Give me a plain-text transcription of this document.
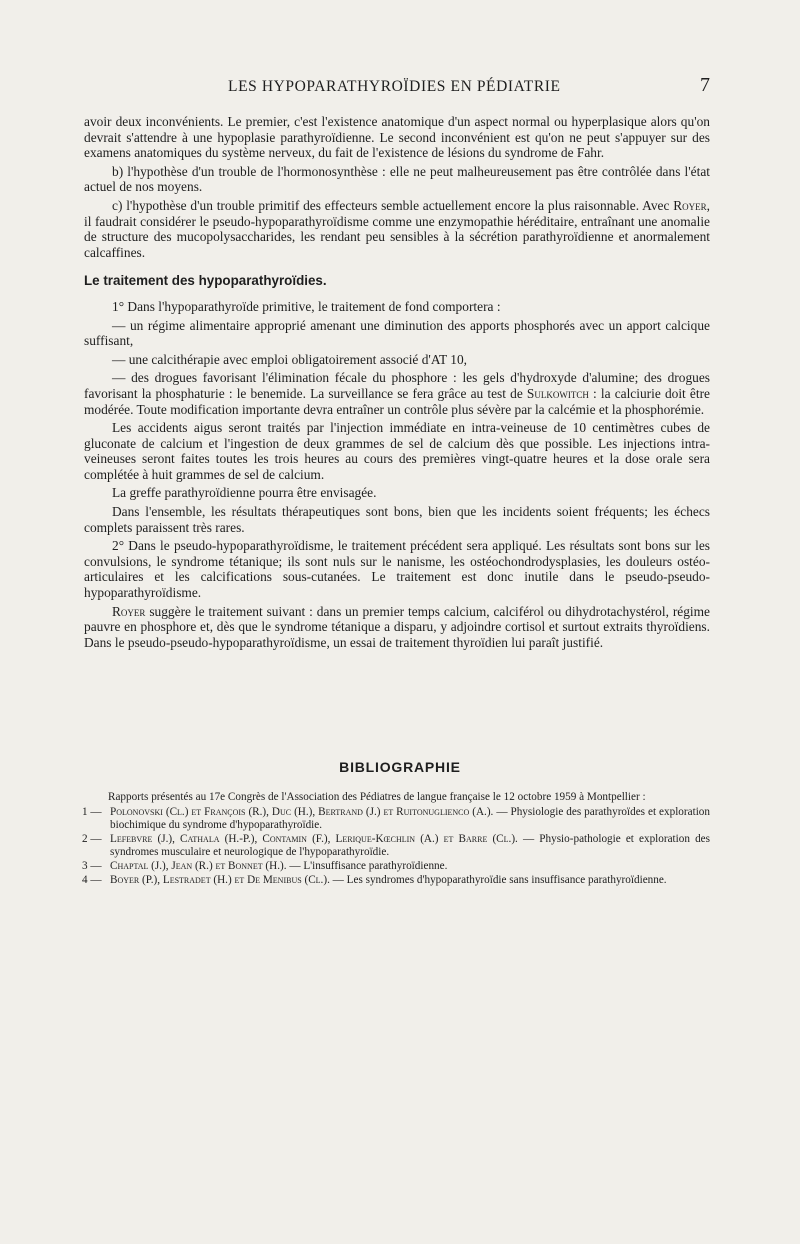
LES HYPOPARATHYROÏDIES EN PÉDIATRIE	7

avoir deux inconvénients. Le premier, c'est l'existence anatomique d'un aspect normal ou hyperplasique alors qu'on devrait s'attendre à une hypoplasie parathyroïdienne. Le second inconvénient est qu'on ne peut s'appuyer sur des examens anatomiques du système nerveux, du fait de l'existence de lésions du syndrome de Fahr.

b) l'hypothèse d'un trouble de l'hormonosynthèse : elle ne peut malheureusement pas être contrôlée dans l'état actuel de nos moyens.

c) l'hypothèse d'un trouble primitif des effecteurs semble actuellement encore la plus raisonnable. Avec Royer, il faudrait considérer le pseudo-hypoparathyroïdisme comme une enzymopathie héréditaire, entraînant une anomalie de structure des mucopolysaccharides, les rendant peu sensibles à la sécrétion parathyroïdienne et anormalement calcaffines.

Le traitement des hypoparathyroïdies.

1° Dans l'hypoparathyroïde primitive, le traitement de fond comportera :

— un régime alimentaire approprié amenant une diminution des apports phosphorés avec un apport calcique suffisant,

— une calcithérapie avec emploi obligatoirement associé d'AT 10,

— des drogues favorisant l'élimination fécale du phosphore : les gels d'hydroxyde d'alumine; des drogues favorisant la phosphaturie : le benemide. La surveillance se fera grâce au test de Sulkowitch : la calciurie doit être modérée. Toute modification importante devra entraîner un contrôle plus sévère par la calcémie et la phosphorémie.

Les accidents aigus seront traités par l'injection immédiate en intra-veineuse de 10 centimètres cubes de gluconate de calcium et l'ingestion de deux grammes de sel de calcium dès que possible. Les injections intra-veineuses seront faites toutes les trois heures au cours des premières vingt-quatre heures et la dose orale sera complétée à huit grammes de sel de calcium.

La greffe parathyroïdienne pourra être envisagée.

Dans l'ensemble, les résultats thérapeutiques sont bons, bien que les incidents soient fréquents; les échecs complets paraissent très rares.

2° Dans le pseudo-hypoparathyroïdisme, le traitement précédent sera appliqué. Les résultats sont bons sur les convulsions, le syndrome tétanique; ils sont nuls sur le nanisme, les ostéochondrodysplasies, les douleurs ostéo-articulaires et les calcifications sous-cutanées. Le traitement est donc inutile dans le pseudo-pseudo-hypoparathyroïdisme.

Royer suggère le traitement suivant : dans un premier temps calcium, calciférol ou dihydrotachystérol, régime pauvre en phosphore et, dès que le syndrome tétanique a disparu, y adjoindre cortisol et surtout extraits thyroïdiens. Dans le pseudo-pseudo-hypoparathyroïdisme, un essai de traitement thyroïdien lui paraît justifié.

BIBLIOGRAPHIE
Rapports présentés au 17e Congrès de l'Association des Pédiatres de langue française le 12 octobre 1959 à Montpellier :
1 — Polonovski (Cl.) et François (R.), Duc (H.), Bertrand (J.) et Ruitonuglienco (A.). — Physiologie des parathyroïdes et exploration biochimique du syndrome d'hypoparathyroïdie.
2 — Lefebvre (J.), Cathala (H.-P.), Contamin (F.), Lerique-Kœchlin (A.) et Barre (Cl.). — Physio-pathologie et exploration des syndromes musculaire et neurologique de l'hypoparathyroïdie.
3 — Chaptal (J.), Jean (R.) et Bonnet (H.). — L'insuffisance parathyroïdienne.
4 — Boyer (P.), Lestradet (H.) et De Menibus (Cl.). — Les syndromes d'hypoparathyroïdie sans insuffisance parathyroïdienne.
